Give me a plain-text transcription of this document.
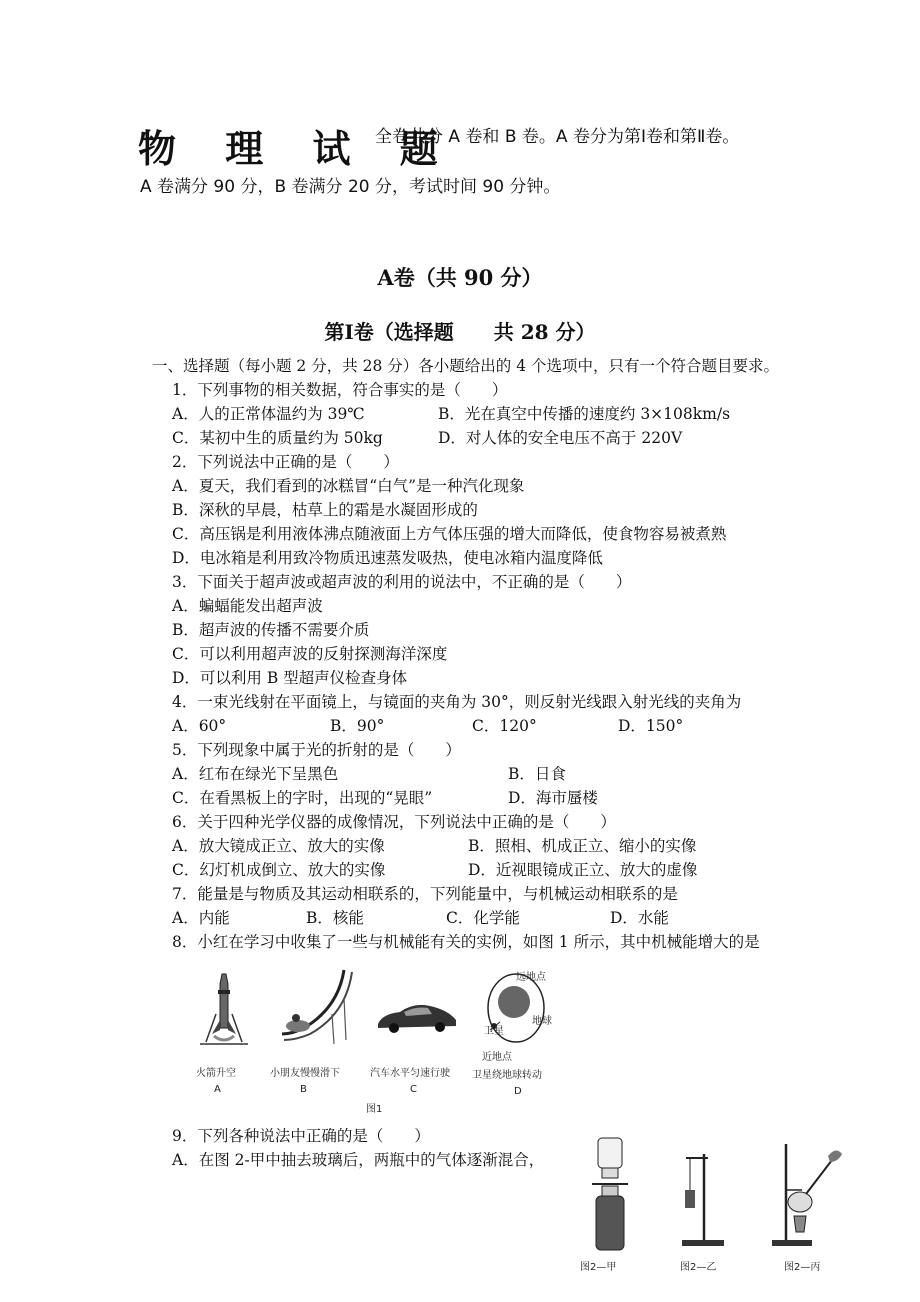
物 理 试 题
全卷共分 A 卷和 B 卷。A 卷分为第Ⅰ卷和第Ⅱ卷。
A 卷满分 90 分，B 卷满分 20 分，考试时间 90 分钟。
A卷（共 90 分）
第Ⅰ卷（选择题　　共 28 分）
一、选择题（每小题 2 分，共 28 分）各小题给出的 4 个选项中，只有一个符合题目要求。
1．下列事物的相关数据，符合事实的是（　　）
A．人的正常体温约为 39℃	B．光在真空中传播的速度约 3×108km/s
C．某初中生的质量约为 50kg	D．对人体的安全电压不高于 220V
2．下列说法中正确的是（　　）
A．夏天，我们看到的冰糕冒“白气”是一种汽化现象
B．深秋的早晨，枯草上的霜是水凝固形成的
C．高压锅是利用液体沸点随液面上方气体压强的增大而降低，使食物容易被煮熟
D．电冰箱是利用致冷物质迅速蒸发吸热，使电冰箱内温度降低
3．下面关于超声波或超声波的利用的说法中，不正确的是（　　）
A．蝙蝠能发出超声波
B．超声波的传播不需要介质
C．可以利用超声波的反射探测海洋深度
D．可以利用 B 型超声仪检查身体
4．一束光线射在平面镜上，与镜面的夹角为 30°，则反射光线跟入射光线的夹角为
A．60°	B．90°	C．120°	D．150°
5．下列现象中属于光的折射的是（　　）
A．红布在绿光下呈黑色	B．日食
C．在看黑板上的字时，出现的“晃眼”	D．海市蜃楼
6．关于四种光学仪器的成像情况，下列说法中正确的是（　　）
A．放大镜成正立、放大的实像	B．照相、机成正立、缩小的实像
C．幻灯机成倒立、放大的实像	D．近视眼镜成正立、放大的虚像
7．能量是与物质及其运动相联系的，下列能量中，与机械运动相联系的是
A．内能	B．核能	C．化学能	D．水能
8．小红在学习中收集了一些与机械能有关的实例，如图 1 所示，其中机械能增大的是
火箭升空
A
小朋友慢慢滑下
B
汽车水平匀速行驶
C
远地点
地球
卫星
近地点
卫星绕地球转动
D
图1
9．下列各种说法中正确的是（　　）
A．在图 2-甲中抽去玻璃后，两瓶中的气体逐渐混合，
图2—甲	图2—乙	图2—丙
